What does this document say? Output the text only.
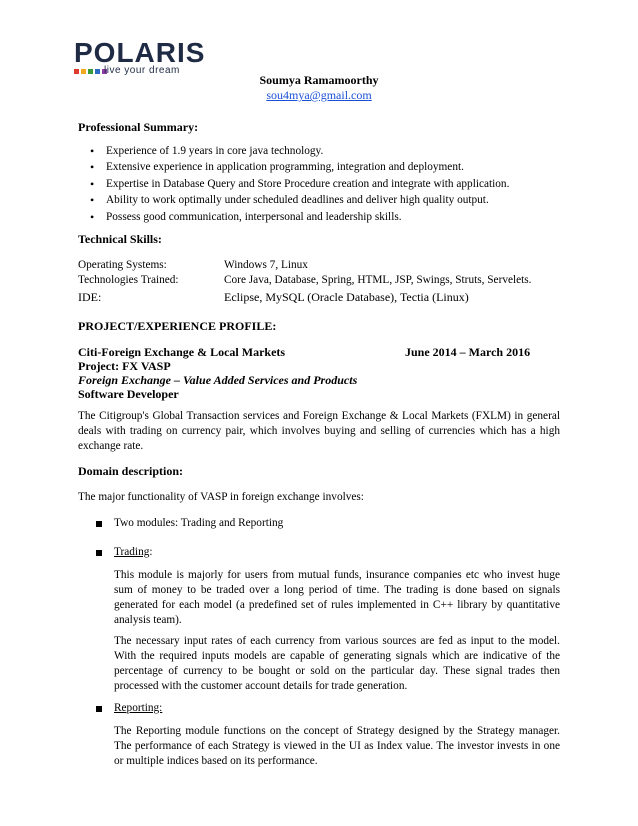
POLARIS
live your dream
Soumya Ramamoorthy
sou4mya@gmail.com
Professional Summary:
• Experience of 1.9 years in core java technology.
• Extensive experience in application programming, integration and deployment.
• Expertise in Database Query and Store Procedure creation and integrate with application.
• Ability to work optimally under scheduled deadlines and deliver high quality output.
• Possess good communication, interpersonal and leadership skills.
Technical Skills:
Operating Systems:	Windows 7, Linux
Technologies Trained:	Core Java, Database, Spring, HTML, JSP, Swings, Struts, Servelets.
IDE:	Eclipse, MySQL (Oracle Database), Tectia (Linux)
PROJECT/EXPERIENCE PROFILE:
Citi-Foreign Exchange & Local Markets	June 2014 – March 2016
Project: FX VASP
Foreign Exchange – Value Added Services and Products
Software Developer
The Citigroup's Global Transaction services and Foreign Exchange & Local Markets (FXLM) in general deals with trading on currency pair, which involves buying and selling of currencies which has a high exchange rate.
Domain description:
The major functionality of VASP in foreign exchange involves:
Two modules: Trading and Reporting
Trading:
This module is majorly for users from mutual funds, insurance companies etc who invest huge sum of money to be traded over a long period of time. The trading is done based on signals generated for each model (a predefined set of rules implemented in C++ library by quantitative analysis team).
The necessary input rates of each currency from various sources are fed as input to the model. With the required inputs models are capable of generating signals which are indicative of the percentage of currency to be bought or sold on the particular day. These signal trades then processed with the customer account details for trade generation.
Reporting:
The Reporting module functions on the concept of Strategy designed by the Strategy manager. The performance of each Strategy is viewed in the UI as Index value. The investor invests in one or multiple indices based on its performance.
